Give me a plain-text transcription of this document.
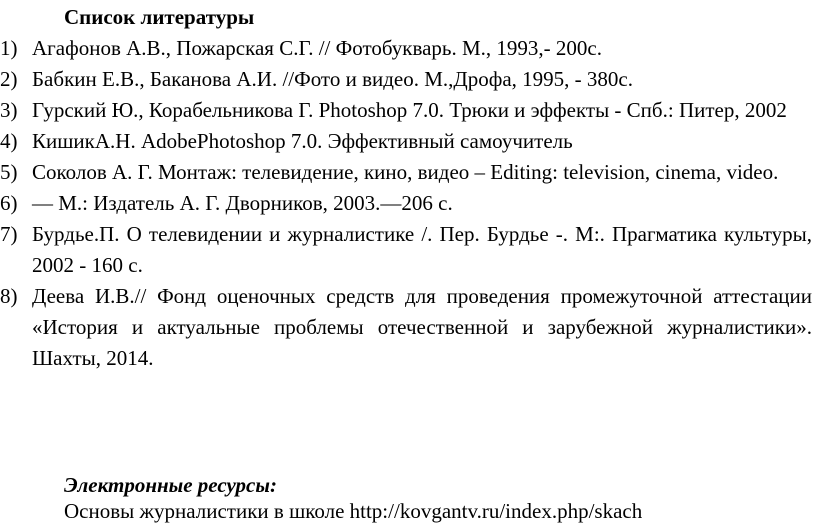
Список литературы
1) Агафонов А.В., Пожарская С.Г. // Фотобукварь. М., 1993,- 200с.
2) Бабкин Е.В., Баканова А.И. //Фото и видео. М.,Дрофа, 1995, - 380с.
3) Гурский Ю., Корабельникова Г. Photoshop 7.0. Трюки и эффекты - Спб.: Питер, 2002
4) КишикА.Н. AdobePhotoshop 7.0. Эффективный самоучитель
5) Соколов А. Г. Монтаж: телевидение, кино, видео – Editing: television, cinema, video.
6) — М.: Издатель А. Г. Дворников, 2003.—206 с.
7) Бурдье.П. О телевидении и журналистике /. Пер. Бурдье -. М:. Прагматика культуры, 2002 - 160 с.
8) Деева И.В.// Фонд оценочных средств для проведения промежуточной аттестации «История и актуальные проблемы отечественной и зарубежной журналистики». Шахты, 2014.
Электронные ресурсы:
Основы журналистики в школе http://kovgantv.ru/index.php/skach
